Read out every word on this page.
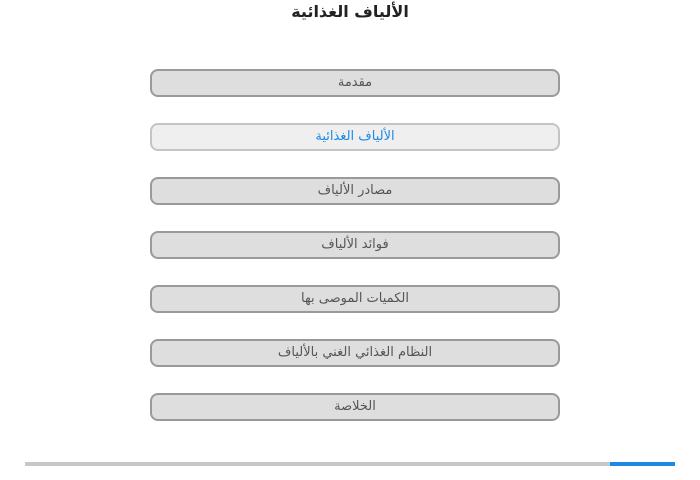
الألياف الغذائية
مقدمة
الألياف الغذائية
مصادر الألياف
فوائد الألياف
الكميات الموصى بها
النظام الغذائي الغني بالألياف
الخلاصة
